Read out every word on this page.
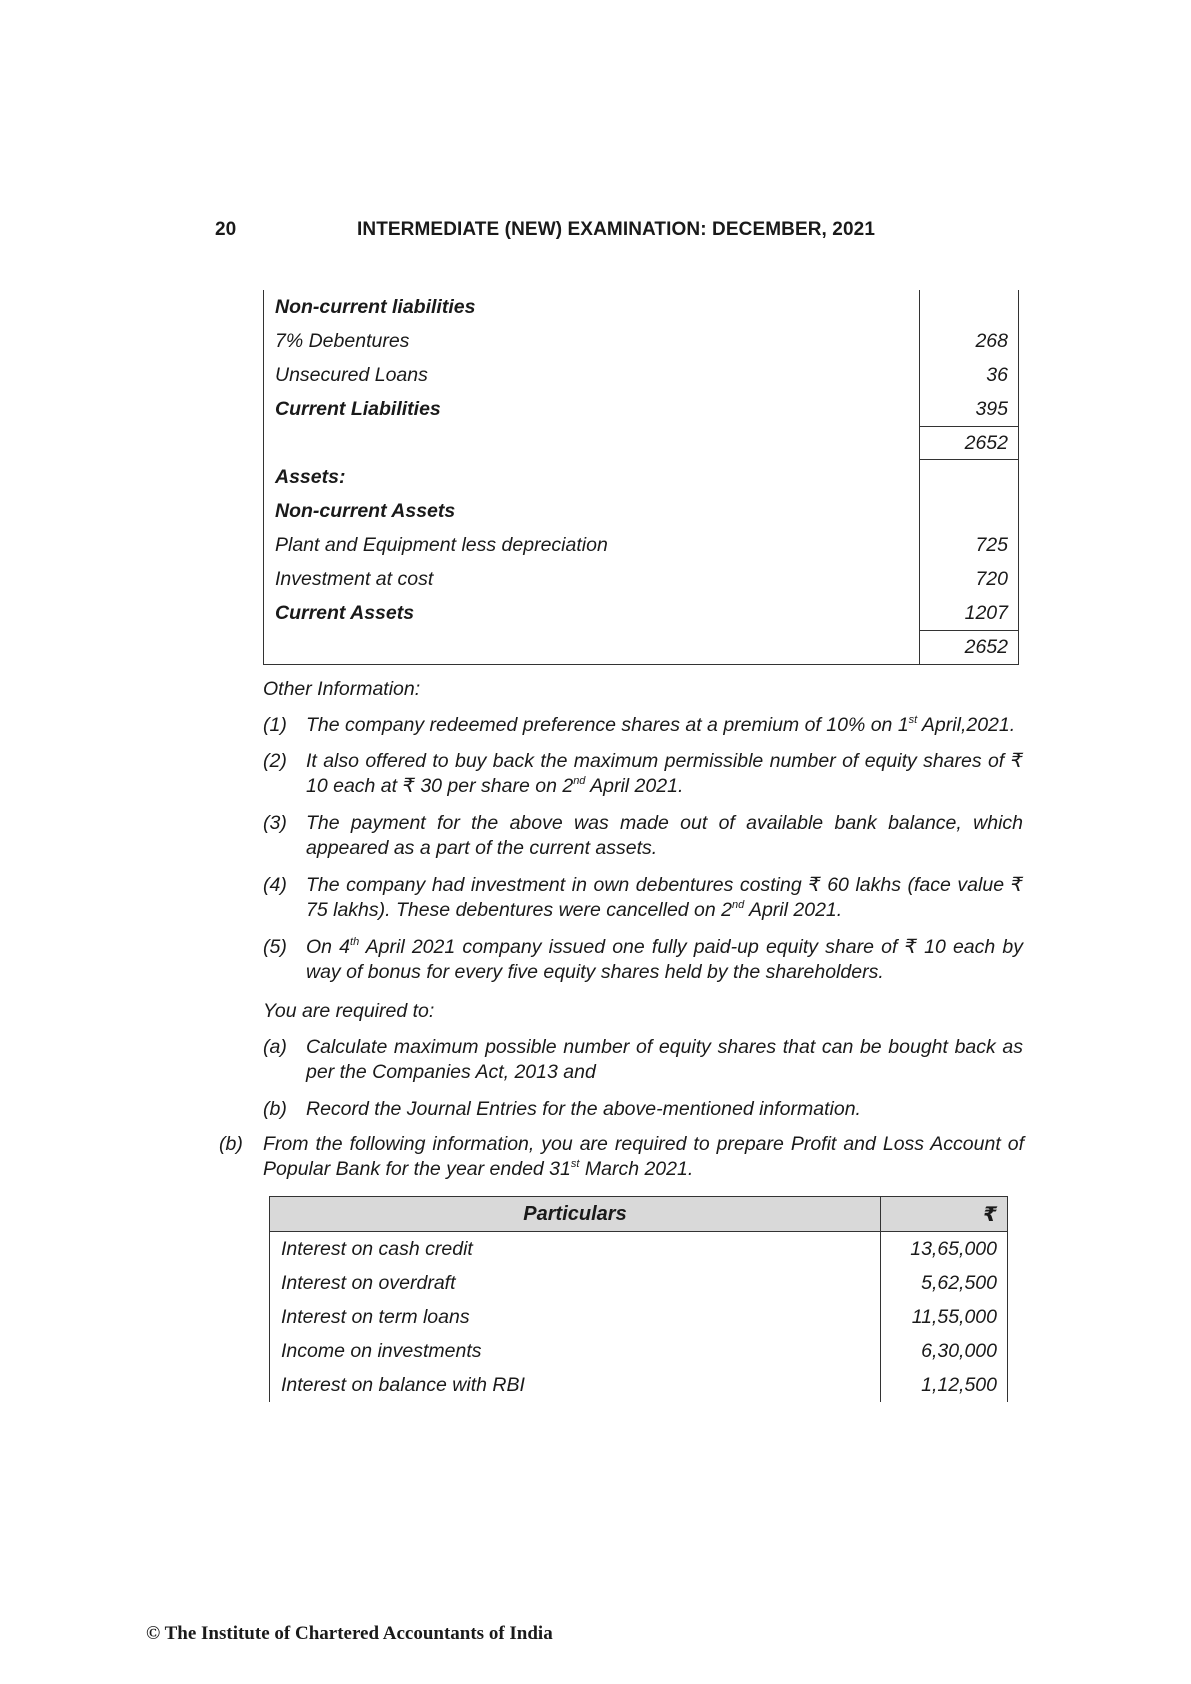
20	INTERMEDIATE (NEW) EXAMINATION: DECEMBER, 2021
Non-current liabilities
7% Debentures	268
Unsecured Loans	36
Current Liabilities	395
2652
Assets:
Non-current Assets
Plant and Equipment less depreciation	725
Investment at cost	720
Current Assets	1207
2652
Other Information:
(1) The company redeemed preference shares at a premium of 10% on 1st April,2021.
(2) It also offered to buy back the maximum permissible number of equity shares of ₹ 10 each at ₹ 30 per share on 2nd April 2021.
(3) The payment for the above was made out of available bank balance, which appeared as a part of the current assets.
(4) The company had investment in own debentures costing ₹ 60 lakhs (face value ₹ 75 lakhs). These debentures were cancelled on 2nd April 2021.
(5) On 4th April 2021 company issued one fully paid-up equity share of ₹ 10 each by way of bonus for every five equity shares held by the shareholders.
You are required to:
(a) Calculate maximum possible number of equity shares that can be bought back as per the Companies Act, 2013 and
(b) Record the Journal Entries for the above-mentioned information.
(b) From the following information, you are required to prepare Profit and Loss Account of Popular Bank for the year ended 31st March 2021.
Particulars	₹
Interest on cash credit	13,65,000
Interest on overdraft	5,62,500
Interest on term loans	11,55,000
Income on investments	6,30,000
Interest on balance with RBI	1,12,500
© The Institute of Chartered Accountants of India
